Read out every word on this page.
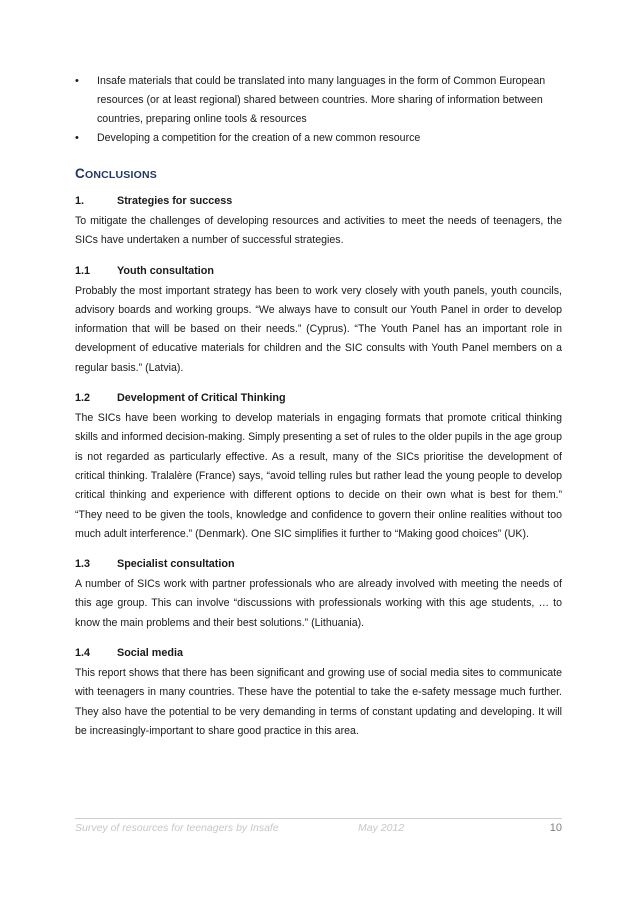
•	Insafe materials that could be translated into many languages in the form of Common European resources (or at least regional) shared between countries. More sharing of information between countries, preparing online tools & resources
•	Developing a competition for the creation of a new common resource
CONCLUSIONS
1.	Strategies for success
To mitigate the challenges of developing resources and activities to meet the needs of teenagers, the SICs have undertaken a number of successful strategies.
1.1	Youth consultation
Probably the most important strategy has been to work very closely with youth panels, youth councils, advisory boards and working groups. “We always have to consult our Youth Panel in order to develop information that will be based on their needs.” (Cyprus). “The Youth Panel has an important role in development of educative materials for children and the SIC consults with Youth Panel members on a regular basis.” (Latvia).
1.2	Development of Critical Thinking
The SICs have been working to develop materials in engaging formats that promote critical thinking skills and informed decision-making. Simply presenting a set of rules to the older pupils in the age group is not regarded as particularly effective. As a result, many of the SICs prioritise the development of critical thinking. Tralalère (France) says, “avoid telling rules but rather lead the young people to develop critical thinking and experience with different options to decide on their own what is best for them.” “They need to be given the tools, knowledge and confidence to govern their online realities without too much adult interference.” (Denmark). One SIC simplifies it further to “Making good choices” (UK).
1.3	Specialist consultation
A number of SICs work with partner professionals who are already involved with meeting the needs of this age group. This can involve “discussions with professionals working with this age students, … to know the main problems and their best solutions.” (Lithuania).
1.4	Social media
This report shows that there has been significant and growing use of social media sites to communicate with teenagers in many countries. These have the potential to take the e-safety message much further. They also have the potential to be very demanding in terms of constant updating and developing. It will be increasingly-important to share good practice in this area.
Survey of resources for teenagers by Insafe	May 2012	10
